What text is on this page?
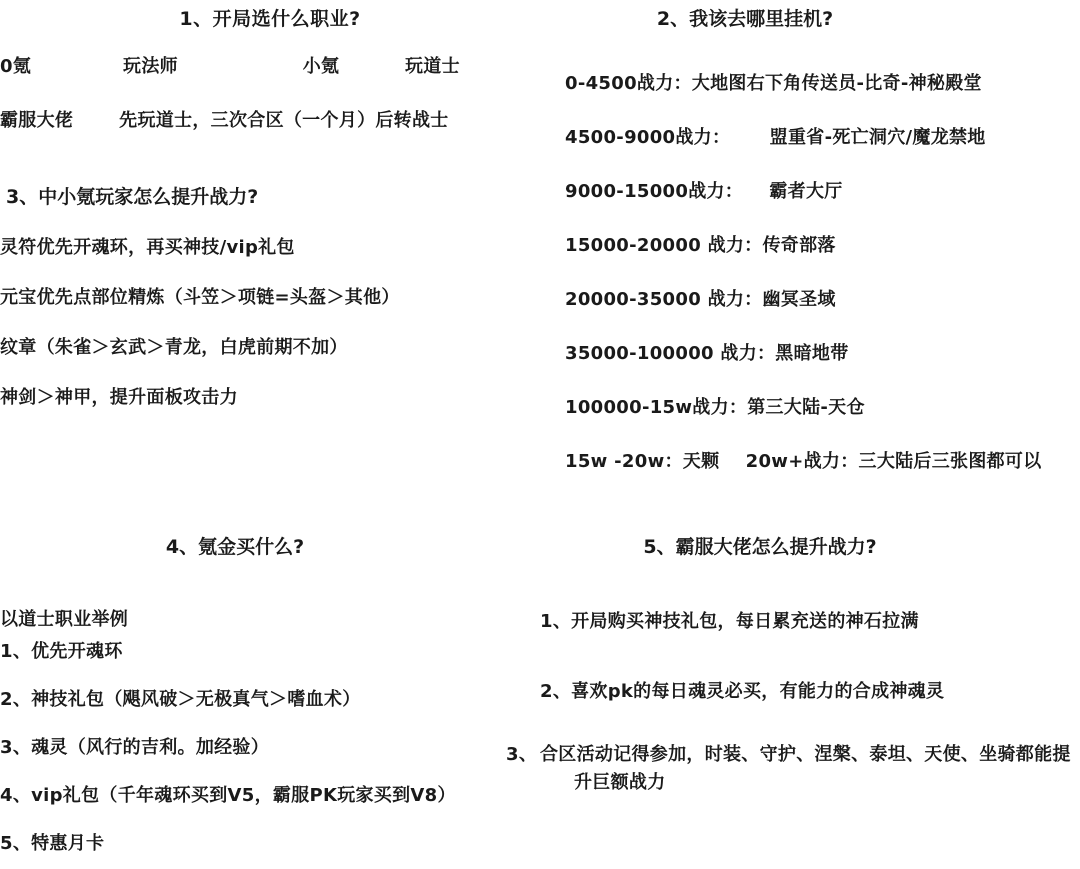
1、开局选什么职业?
0氪              玩法师                   小氪          玩道士
霸服大佬       先玩道士，三次合区（一个月）后转战士
3、中小氪玩家怎么提升战力?
灵符优先开魂环，再买神技/vip礼包
元宝优先点部位精炼（斗笠＞项链=头盔＞其他）
纹章（朱雀＞玄武＞青龙，白虎前期不加）
神剑＞神甲，提升面板攻击力
4、氪金买什么?
以道士职业举例
1、优先开魂环
2、神技礼包（飓风破＞无极真气＞嗜血术）
3、魂灵（风行的吉利。加经验）
4、vip礼包（千年魂环买到V5，霸服PK玩家买到V8）
5、特惠月卡
2、我该去哪里挂机?
0-4500战力：大地图右下角传送员-比奇-神秘殿堂
4500-9000战力：      盟重省-死亡洞穴/魔龙禁地
9000-15000战力：    霸者大厅
15000-20000 战力：传奇部落
20000-35000 战力：幽冥圣域
35000-100000 战力：黑暗地带
100000-15w战力：第三大陆-天仓
15w -20w：天颗    20w+战力：三大陆后三张图都可以
5、霸服大佬怎么提升战力?
1、开局购买神技礼包，每日累充送的神石拉满
2、喜欢pk的每日魂灵必买，有能力的合成神魂灵
3、 合区活动记得参加，时装、守护、涅槃、泰坦、天使、坐骑都能提升巨额战力
